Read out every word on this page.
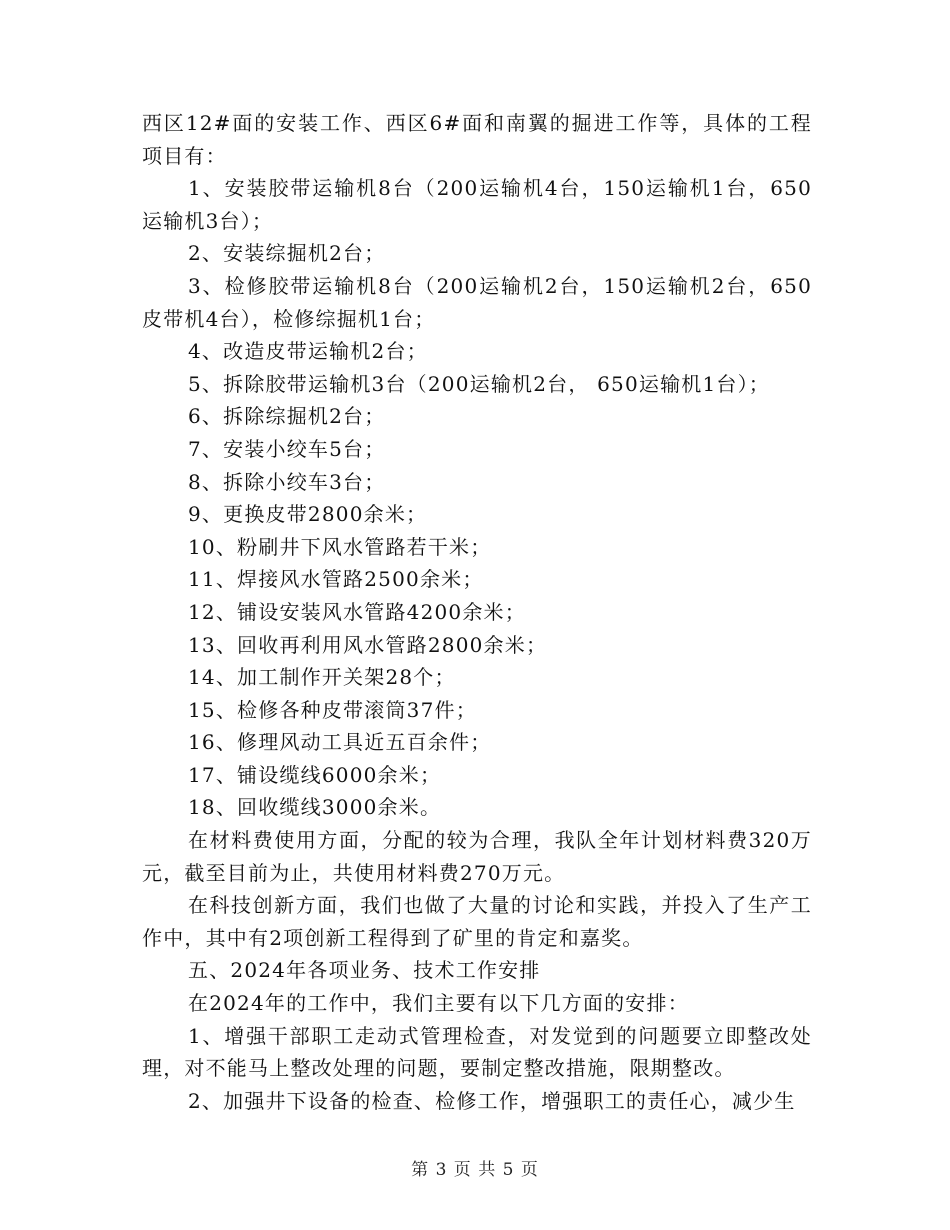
西区12#面的安装工作、西区6#面和南翼的掘进工作等，具体的工程项目有：

1、安装胶带运输机8台（200运输机4台，150运输机1台，650运输机3台）；

2、安装综掘机2台；

3、检修胶带运输机8台（200运输机2台，150运输机2台，650皮带机4台），检修综掘机1台；

4、改造皮带运输机2台；

5、拆除胶带运输机3台（200运输机2台， 650运输机1台）；

6、拆除综掘机2台；

7、安装小绞车5台；

8、拆除小绞车3台；

9、更换皮带2800余米；

10、粉刷井下风水管路若干米；

11、焊接风水管路2500余米；

12、铺设安装风水管路4200余米；

13、回收再利用风水管路2800余米；

14、加工制作开关架28个；

15、检修各种皮带滚筒37件；

16、修理风动工具近五百余件；

17、铺设缆线6000余米；

18、回收缆线3000余米。

在材料费使用方面，分配的较为合理，我队全年计划材料费320万元，截至目前为止，共使用材料费270万元。

在科技创新方面，我们也做了大量的讨论和实践，并投入了生产工作中，其中有2项创新工程得到了矿里的肯定和嘉奖。

五、2024年各项业务、技术工作安排

在2024年的工作中，我们主要有以下几方面的安排：

1、增强干部职工走动式管理检查，对发觉到的问题要立即整改处理，对不能马上整改处理的问题，要制定整改措施，限期整改。

2、加强井下设备的检查、检修工作，增强职工的责任心，减少生

第 3 页 共 5 页
